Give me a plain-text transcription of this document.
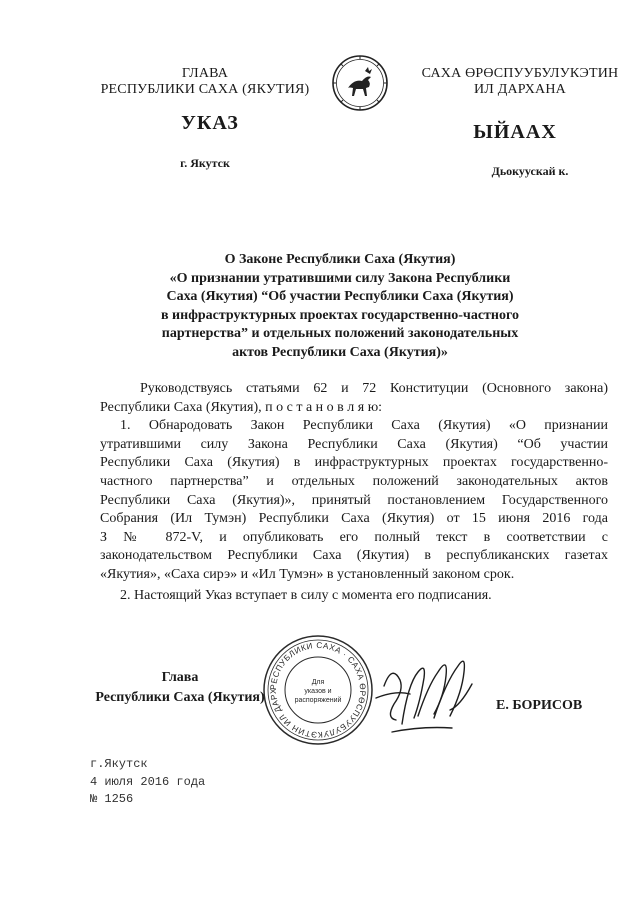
ГЛАВА
РЕСПУБЛИКИ САХА (ЯКУТИЯ)
САХА ӨРӨСПУУБУЛУКЭТИН
ИЛ ДАРХАНА
УКАЗ	ЫЙААХ
г. Якутск
Дьокуускай к.
О Законе Республики Саха (Якутия)
«О признании утратившими силу Закона Республики
Саха (Якутия) “Об участии Республики Саха (Якутия)
в инфраструктурных проектах государственно-частного
партнерства” и отдельных положений законодательных
актов Республики Саха (Якутия)»
Руководствуясь статьями 62 и 72 Конституции (Основного закона)
Республики Саха (Якутия), п о с т а н о в л я ю:
1. Обнародовать Закон Республики Саха (Якутия) «О признании
утратившими силу Закона Республики Саха (Якутия) “Об участии
Республики Саха (Якутия) в инфраструктурных проектах государственно-
частного партнерства” и отдельных положений законодательных актов
Республики Саха (Якутия)», принятый постановлением Государственного
Собрания (Ил Тумэн) Республики Саха (Якутия) от 15 июня 2016 года
З № 872-V, и опубликовать его полный текст в соответствии с
законодательством Республики Саха (Якутия) в республиканских газетах
«Якутия», «Саха сирэ» и «Ил Тумэн» в установленный законом срок.
2. Настоящий Указ вступает в силу с момента его подписания.
Глава
Республики Саха (Якутия)
РЕСПУБЛИКИ САХА · САХА ӨРӨСПУУБУЛУКЭТИН ИЛ ДАРХАНА · ГЛАВА
Для
указов и
распоряжений	Е. БОРИСОВ
г.Якутск
4 июля 2016 года
№ 1256
